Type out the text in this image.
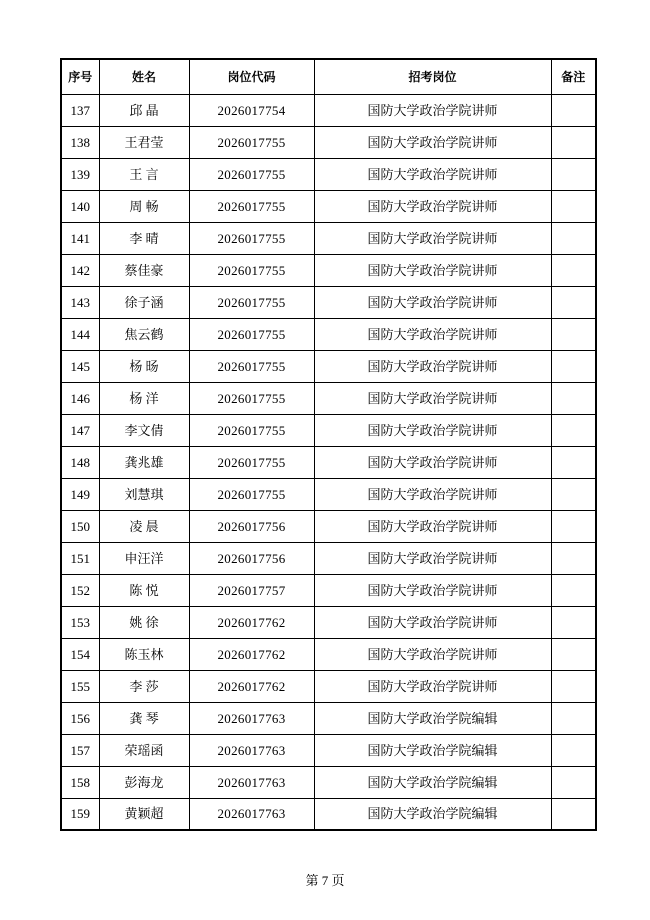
序号	姓名	岗位代码	招考岗位	备注
137	邱 晶	2026017754	国防大学政治学院讲师	
138	王君莹	2026017755	国防大学政治学院讲师	
139	王 言	2026017755	国防大学政治学院讲师	
140	周 畅	2026017755	国防大学政治学院讲师	
141	李 晴	2026017755	国防大学政治学院讲师	
142	蔡佳豪	2026017755	国防大学政治学院讲师	
143	徐子涵	2026017755	国防大学政治学院讲师	
144	焦云鹤	2026017755	国防大学政治学院讲师	
145	杨 旸	2026017755	国防大学政治学院讲师	
146	杨 洋	2026017755	国防大学政治学院讲师	
147	李文倩	2026017755	国防大学政治学院讲师	
148	龚兆雄	2026017755	国防大学政治学院讲师	
149	刘慧琪	2026017755	国防大学政治学院讲师	
150	凌 晨	2026017756	国防大学政治学院讲师	
151	申汪洋	2026017756	国防大学政治学院讲师	
152	陈 悦	2026017757	国防大学政治学院讲师	
153	姚 徐	2026017762	国防大学政治学院讲师	
154	陈玉林	2026017762	国防大学政治学院讲师	
155	李 莎	2026017762	国防大学政治学院讲师	
156	龚 琴	2026017763	国防大学政治学院编辑	
157	荣瑶函	2026017763	国防大学政治学院编辑	
158	彭海龙	2026017763	国防大学政治学院编辑	
159	黄颖超	2026017763	国防大学政治学院编辑	
第 7 页
